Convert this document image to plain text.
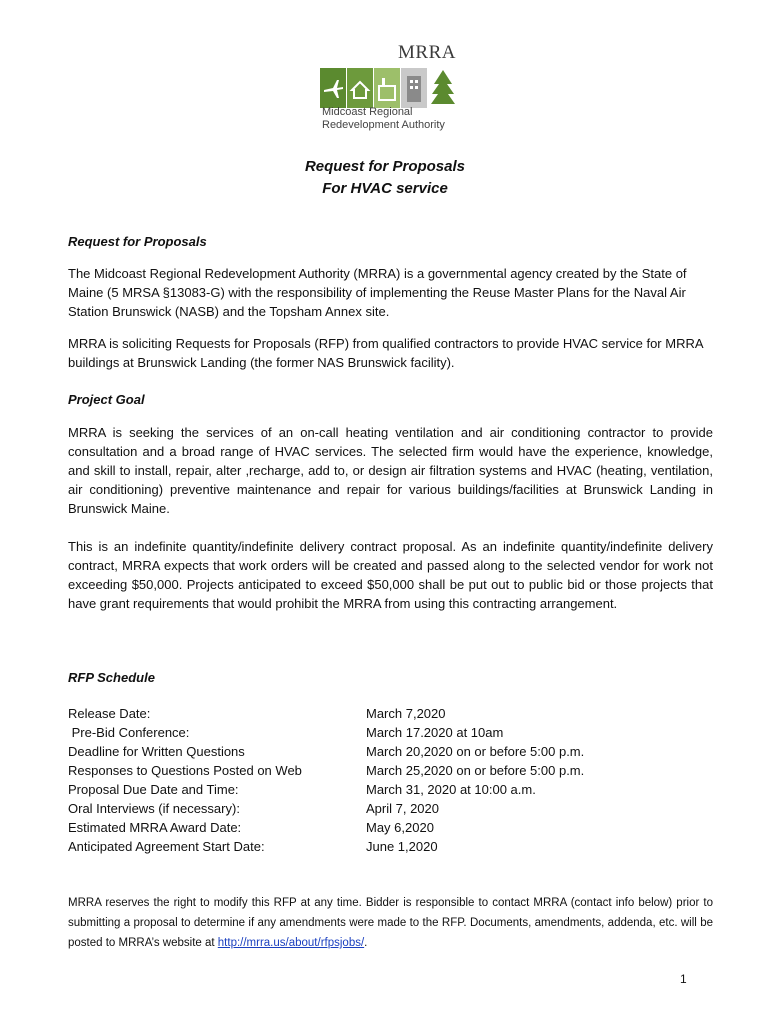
MRRA
Midcoast Regional
Redevelopment Authority
Request for Proposals
For HVAC service
Request for Proposals

The Midcoast Regional Redevelopment Authority (MRRA) is a governmental agency created by the State of Maine (5 MRSA §13083-G) with the responsibility of implementing the Reuse Master Plans for the Naval Air Station Brunswick (NASB) and the Topsham Annex site.

MRRA is soliciting Requests for Proposals (RFP) from qualified contractors to provide HVAC service for MRRA buildings at Brunswick Landing (the former NAS Brunswick facility).

Project Goal

MRRA is seeking the services of an on-call heating ventilation and air conditioning contractor to provide consultation and a broad range of HVAC services. The selected firm would have the experience, knowledge, and skill to install, repair, alter ,recharge, add to, or design air filtration systems and HVAC (heating, ventilation, air conditioning) preventive maintenance and repair for various buildings/facilities at Brunswick Landing in Brunswick Maine.

This is an indefinite quantity/indefinite delivery contract proposal. As an indefinite quantity/indefinite delivery contract, MRRA expects that work orders will be created and passed along to the selected vendor for work not exceeding $50,000. Projects anticipated to exceed $50,000 shall be put out to public bid or those projects that have grant requirements that would prohibit the MRRA from using this contracting arrangement.

RFP Schedule
Release Date:	March 7,2020
Pre-Bid Conference:	March 17.2020 at 10am
Deadline for Written Questions	March 20,2020 on or before 5:00 p.m.
Responses to Questions Posted on Web	March 25,2020 on or before 5:00 p.m.
Proposal Due Date and Time:	March 31, 2020 at 10:00 a.m.
Oral Interviews (if necessary):	April 7, 2020
Estimated MRRA Award Date:	May 6,2020
Anticipated Agreement Start Date:	June 1,2020

MRRA reserves the right to modify this RFP at any time. Bidder is responsible to contact MRRA (contact info below) prior to submitting a proposal to determine if any amendments were made to the RFP. Documents, amendments, addenda, etc. will be posted to MRRA’s website at http://mrra.us/about/rfpsjobs/.

1
